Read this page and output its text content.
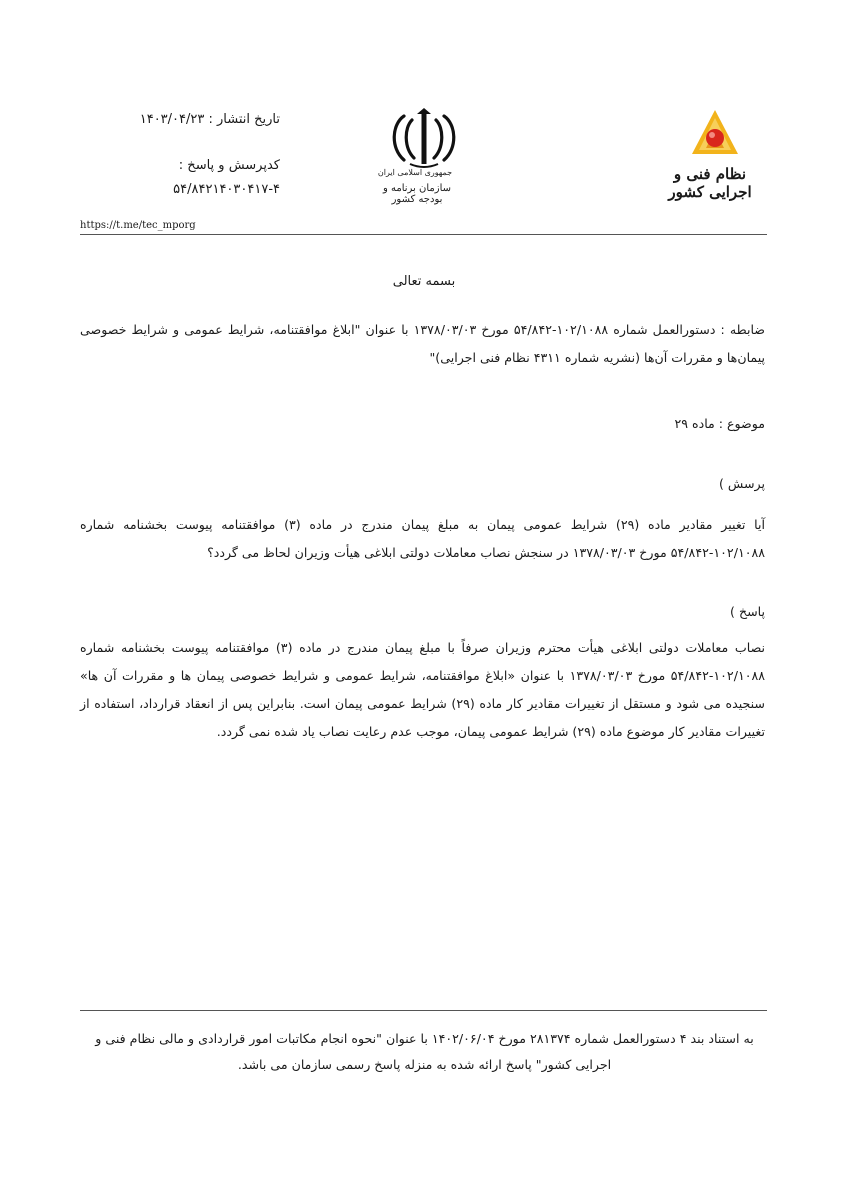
تاریخ انتشار : ۱۴۰۳/۰۴/۲۳
کدپرسش و پاسخ :
۵۴/۸۴۲۱۴۰۳۰۴۱۷-۴
جمهوری اسلامی ایران
سازمان برنامه و بودجه کشور
نظام فنی و اجرایی کشور
https://t.me/tec_mporg
بسمه تعالی
ضابطه : دستورالعمل شماره ۱۰۲/۱۰۸۸-۵۴/۸۴۲ مورخ ۱۳۷۸/۰۳/۰۳ با عنوان "ابلاغ موافقتنامه، شرایط عمومی و شرایط خصوصی پیمان‌ها و مقررات آن‌ها (نشریه شماره ۴۳۱۱ نظام فنی اجرایی)"
موضوع : ماده ۲۹
پرسش )
آیا تغییر مقادیر ماده (۲۹) شرایط عمومی پیمان به مبلغ پیمان مندرج در ماده (۳) موافقتنامه پیوست بخشنامه شماره ۱۰۲/۱۰۸۸-۵۴/۸۴۲ مورخ ۱۳۷۸/۰۳/۰۳ در سنجش نصاب معاملات دولتی ابلاغی هیأت وزیران لحاظ می گردد؟
پاسخ )
نصاب معاملات دولتی ابلاغی هیأت محترم وزیران صرفاً با مبلغ پیمان مندرج در ماده (۳) موافقتنامه پیوست بخشنامه شماره ۱۰۲/۱۰۸۸-۵۴/۸۴۲ مورخ ۱۳۷۸/۰۳/۰۳ با عنوان «ابلاغ موافقتنامه، شرایط عمومی و شرایط خصوصی پیمان ها و مقررات آن ها» سنجیده می شود و مستقل از تغییرات مقادیر کار ماده (۲۹) شرایط عمومی پیمان است. بنابراین پس از انعقاد قرارداد، استفاده از تغییرات مقادیر کار موضوع ماده (۲۹) شرایط عمومی پیمان، موجب عدم رعایت نصاب یاد شده نمی گردد.
به استناد بند ۴ دستورالعمل شماره ۲۸۱۳۷۴ مورخ ۱۴۰۲/۰۶/۰۴ با عنوان "نحوه انجام مکاتبات امور قراردادی و مالی نظام فنی و اجرایی کشور" پاسخ ارائه شده به منزله پاسخ رسمی سازمان می باشد.
